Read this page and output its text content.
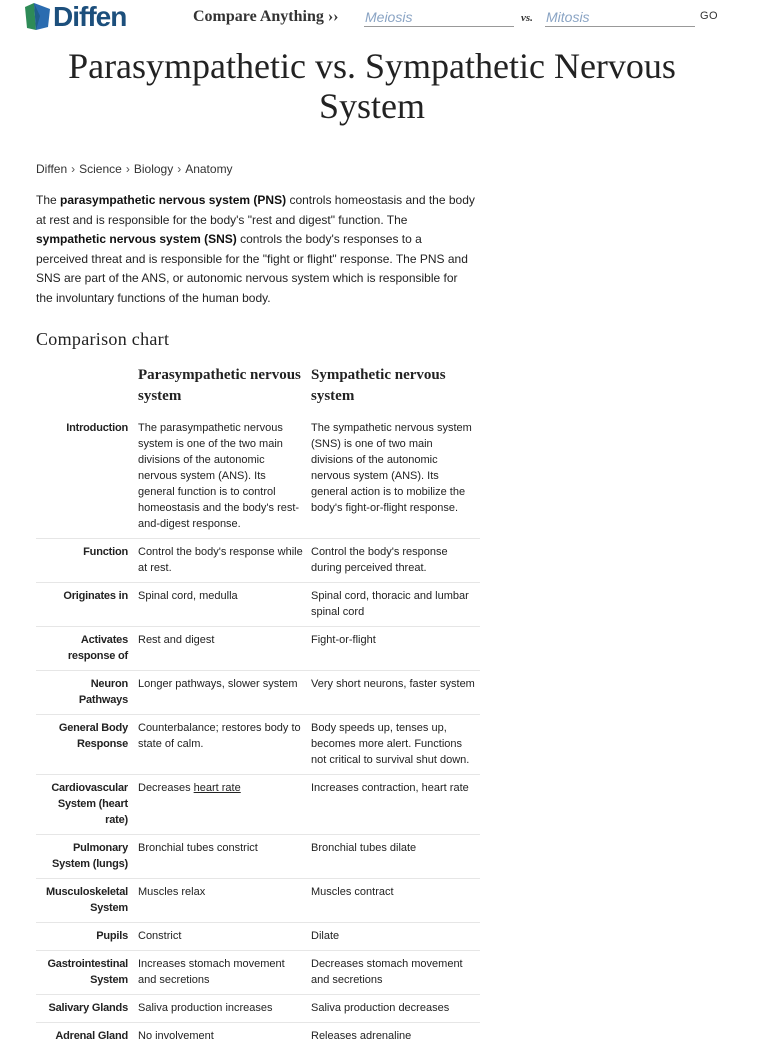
Diffen	Compare Anything ››
Meiosis	vs.
Mitosis	GO
Parasympathetic vs. Sympathetic Nervous System
Diffen › Science › Biology › Anatomy

The parasympathetic nervous system (PNS) controls homeostasis and the body at rest and is responsible for the body's "rest and digest" function. The sympathetic nervous system (SNS) controls the body's responses to a perceived threat and is responsible for the "fight or flight" response. The PNS and SNS are part of the ANS, or autonomic nervous system which is responsible for the involuntary functions of the human body.

Comparison chart
	Parasympathetic nervous system	Sympathetic nervous system
Introduction	The parasympathetic nervous system is one of the two main divisions of the autonomic nervous system (ANS). Its general function is to control homeostasis and the body's rest-and-digest response.	The sympathetic nervous system (SNS) is one of two main divisions of the autonomic nervous system (ANS). Its general action is to mobilize the body's fight-or-flight response.
Function	Control the body's response while at rest.	Control the body's response during perceived threat.
Originates in	Spinal cord, medulla	Spinal cord, thoracic and lumbar spinal cord
Activates response of	Rest and digest	Fight-or-flight
Neuron Pathways	Longer pathways, slower system	Very short neurons, faster system
General Body Response	Counterbalance; restores body to state of calm.	Body speeds up, tenses up, becomes more alert. Functions not critical to survival shut down.
Cardiovascular System (heart rate)	Decreases heart rate	Increases contraction, heart rate
Pulmonary System (lungs)	Bronchial tubes constrict	Bronchial tubes dilate
Musculoskeletal System	Muscles relax	Muscles contract
Pupils	Constrict	Dilate
Gastrointestinal System	Increases stomach movement and secretions	Decreases stomach movement and secretions
Salivary Glands	Saliva production increases	Saliva production decreases
Adrenal Gland	No involvement	Releases adrenaline
